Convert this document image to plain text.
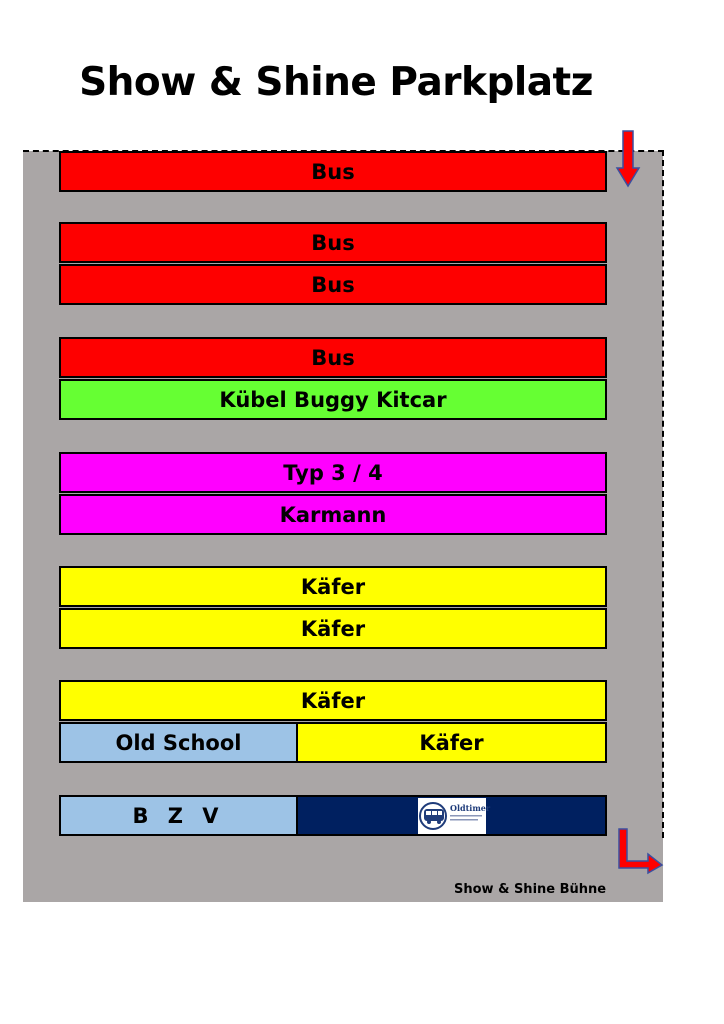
Show & Shine Parkplatz
Bus
Bus
Bus
Bus
Kübel Buggy Kitcar
Typ 3 / 4
Karmann
Käfer
Käfer
Käfer
Old School	Käfer
B Z V	Oldtimer
Show & Shine Bühne
